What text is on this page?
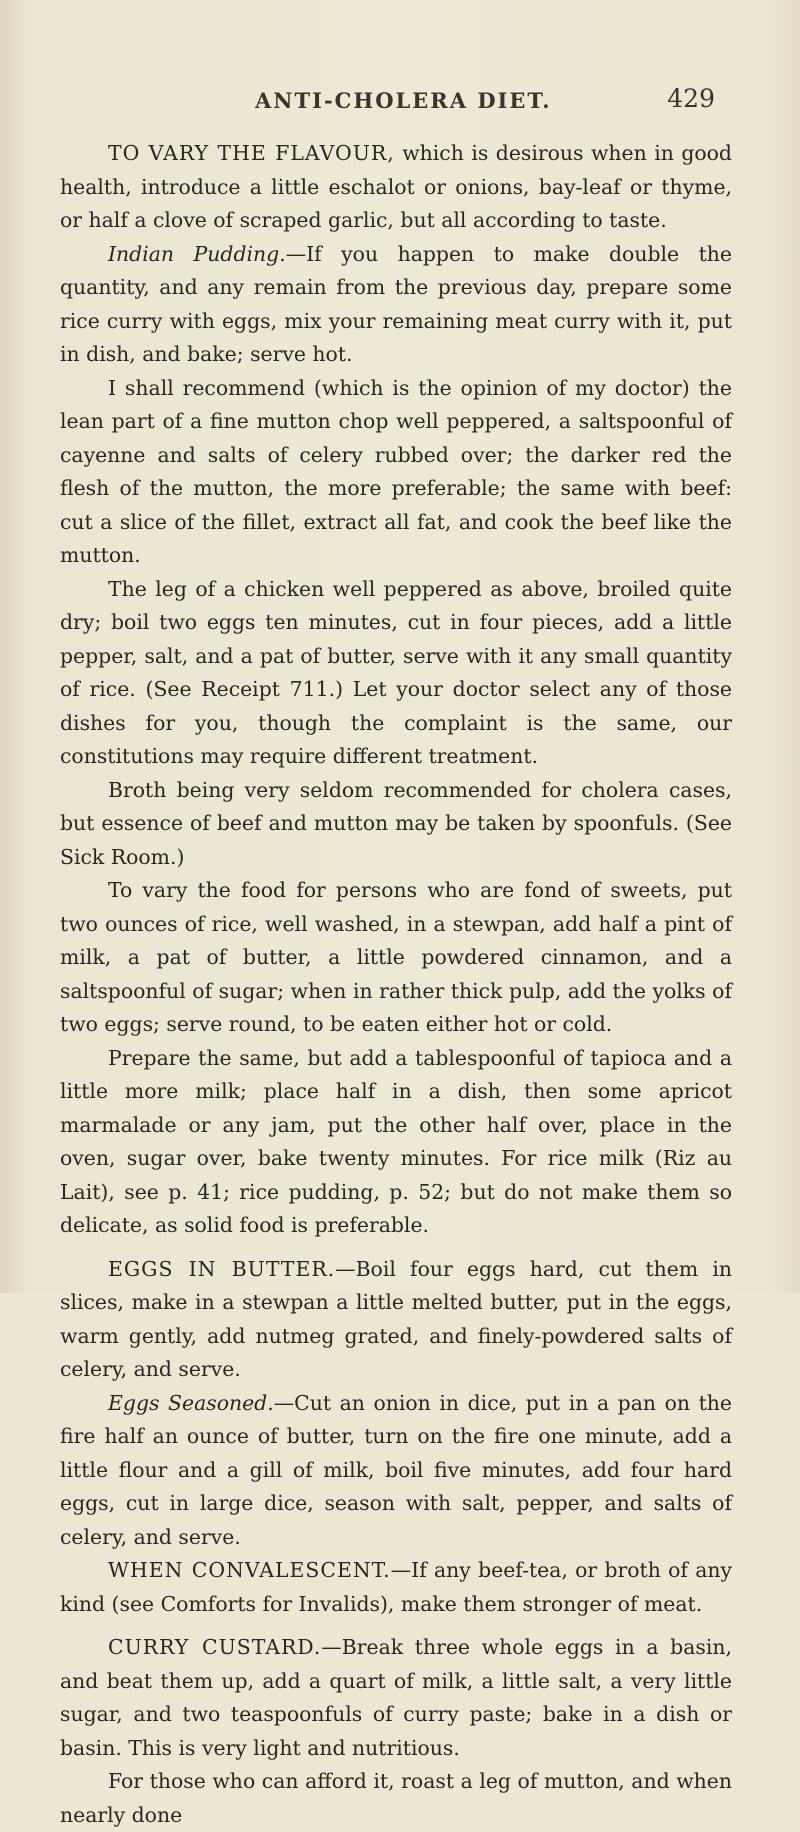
ANTI-CHOLERA DIET.	429

TO VARY THE FLAVOUR, which is desirous when in good health, introduce a little eschalot or onions, bay-leaf or thyme, or half a clove of scraped garlic, but all according to taste.

Indian Pudding.—If you happen to make double the quantity, and any remain from the previous day, prepare some rice curry with eggs, mix your remaining meat curry with it, put in dish, and bake; serve hot.

I shall recommend (which is the opinion of my doctor) the lean part of a fine mutton chop well peppered, a saltspoonful of cayenne and salts of celery rubbed over; the darker red the flesh of the mutton, the more preferable; the same with beef: cut a slice of the fillet, extract all fat, and cook the beef like the mutton.

The leg of a chicken well peppered as above, broiled quite dry; boil two eggs ten minutes, cut in four pieces, add a little pepper, salt, and a pat of butter, serve with it any small quantity of rice. (See Receipt 711.) Let your doctor select any of those dishes for you, though the complaint is the same, our constitutions may require different treatment.

Broth being very seldom recommended for cholera cases, but essence of beef and mutton may be taken by spoonfuls. (See Sick Room.)

To vary the food for persons who are fond of sweets, put two ounces of rice, well washed, in a stewpan, add half a pint of milk, a pat of butter, a little powdered cinnamon, and a saltspoonful of sugar; when in rather thick pulp, add the yolks of two eggs; serve round, to be eaten either hot or cold.

Prepare the same, but add a tablespoonful of tapioca and a little more milk; place half in a dish, then some apricot marmalade or any jam, put the other half over, place in the oven, sugar over, bake twenty minutes. For rice milk (Riz au Lait), see p. 41; rice pudding, p. 52; but do not make them so delicate, as solid food is preferable.

EGGS IN BUTTER.—Boil four eggs hard, cut them in slices, make in a stewpan a little melted butter, put in the eggs, warm gently, add nutmeg grated, and finely-powdered salts of celery, and serve.

Eggs Seasoned.—Cut an onion in dice, put in a pan on the fire half an ounce of butter, turn on the fire one minute, add a little flour and a gill of milk, boil five minutes, add four hard eggs, cut in large dice, season with salt, pepper, and salts of celery, and serve.

WHEN CONVALESCENT.—If any beef-tea, or broth of any kind (see Comforts for Invalids), make them stronger of meat.

CURRY CUSTARD.—Break three whole eggs in a basin, and beat them up, add a quart of milk, a little salt, a very little sugar, and two teaspoonfuls of curry paste; bake in a dish or basin. This is very light and nutritious.

For those who can afford it, roast a leg of mutton, and when nearly done
